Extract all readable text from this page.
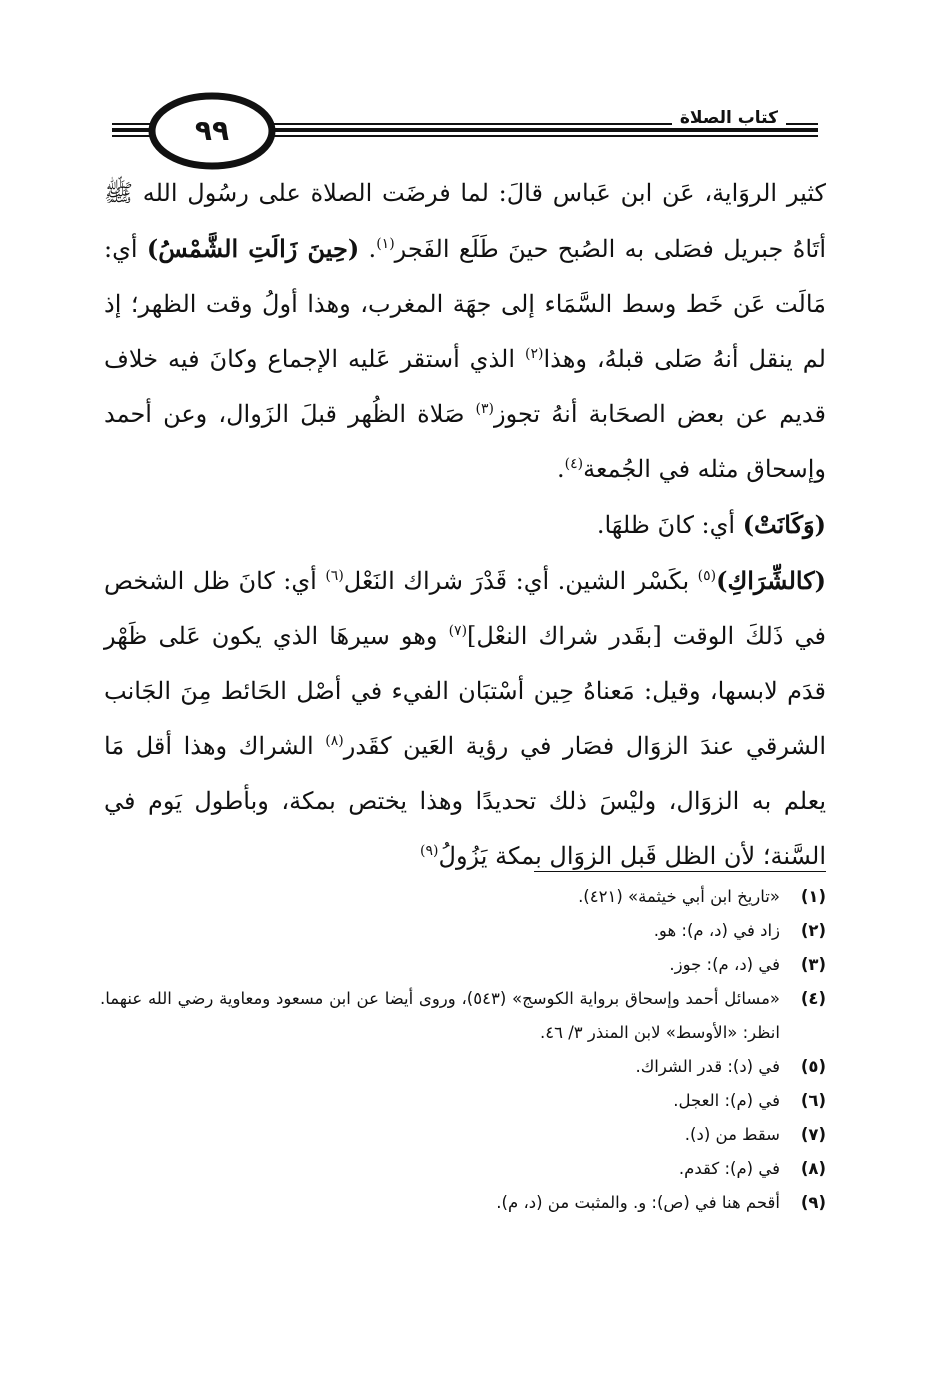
٩٩	كتاب الصلاة

كثير الروَاية، عَن ابن عَباس قالَ: لما فرضَت الصلاة على رسُول الله ﷺ أتَاهُ جبريل فصَلى به الصُبح حينَ طَلَع الفَجر$^{(١)}$. (حِينَ زَالَتِ الشَّمْسُ) أي: مَالَت عَن خَط وسط السَّمَاء إلى جهَة المغرب، وهذا أولُ وقت الظهر؛ إذ لم ينقل أنهُ صَلى قبلهُ، وهذا$^{(٢)}$ الذي أستقر عَليه الإجماع وكانَ فيه خلاف قديم عن بعض الصحَابة أنهُ تجوز$^{(٣)}$ صَلاة الظُهر قبلَ الزَوال، وعن أحمد وإسحاق مثله في الجُمعة$^{(٤)}$.

(وَكَانَتْ) أي: كانَ ظلهَا.

(كالشِّرَاكِ)$^{(٥)}$ بكَسْر الشين. أي: قَدْرَ شراك النَعْل$^{(٦)}$ أي: كانَ ظل الشخص في ذَلكَ الوقت [بقَدر شراك النعْل]$^{(٧)}$ وهو سيرهَا الذي يكون عَلى ظَهْر قدَم لابسها، وقيل: مَعناهُ حِين أسْتبَان الفيء في أصْل الحَائط مِنَ الجَانب الشرقي عندَ الزوَال فصَار في رؤية العَين كقَدر$^{(٨)}$ الشراك وهذا أقل مَا يعلم به الزوَال، وليْسَ ذلك تحديدًا وهذا يختص بمكة، وبأطول يَوم في السَّنة؛ لأن الظل قَبل الزوَال بمكة يَزُولُ$^{(٩)}$

(١)
«تاريخ ابن أبي خيثمة» (٤٢١).
(٢)
زاد في (د، م): هو.
(٣)
في (د، م): جوز.
(٤)
«مسائل أحمد وإسحاق برواية الكوسج» (٥٤٣)، وروى أيضا عن ابن مسعود ومعاوية رضي الله عنهما. انظر: «الأوسط» لابن المنذر ٣/ ٤٦.
(٥)
في (د): قدر الشراك.
(٦)
في (م): العجل.
(٧)
سقط من (د).
(٨)
في (م): كقدم.
(٩)
أقحم هنا في (ص): و. والمثبت من (د، م).
